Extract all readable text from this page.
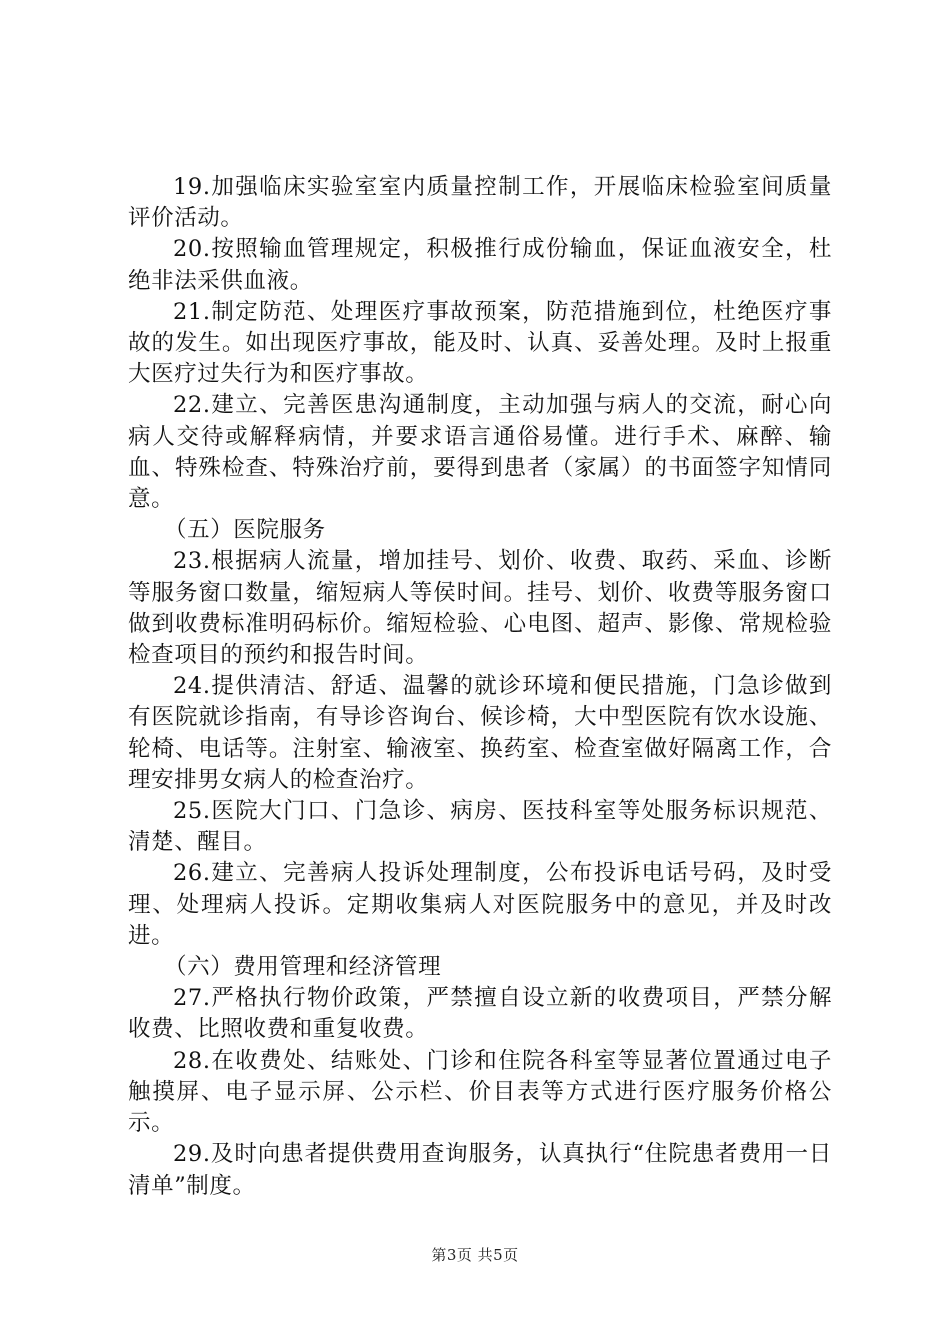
19.加强临床实验室室内质量控制工作，开展临床检验室间质量评价活动。

20.按照输血管理规定，积极推行成份输血，保证血液安全，杜绝非法采供血液。

21.制定防范、处理医疗事故预案，防范措施到位，杜绝医疗事故的发生。如出现医疗事故，能及时、认真、妥善处理。及时上报重大医疗过失行为和医疗事故。

22.建立、完善医患沟通制度，主动加强与病人的交流，耐心向病人交待或解释病情，并要求语言通俗易懂。进行手术、麻醉、输血、特殊检查、特殊治疗前，要得到患者（家属）的书面签字知情同意。

（五）医院服务

23.根据病人流量，增加挂号、划价、收费、取药、采血、诊断等服务窗口数量，缩短病人等侯时间。挂号、划价、收费等服务窗口做到收费标准明码标价。缩短检验、心电图、超声、影像、常规检验检查项目的预约和报告时间。

24.提供清洁、舒适、温馨的就诊环境和便民措施，门急诊做到有医院就诊指南，有导诊咨询台、候诊椅，大中型医院有饮水设施、轮椅、电话等。注射室、输液室、换药室、检查室做好隔离工作，合理安排男女病人的检查治疗。

25.医院大门口、门急诊、病房、医技科室等处服务标识规范、清楚、醒目。

26.建立、完善病人投诉处理制度，公布投诉电话号码，及时受理、处理病人投诉。定期收集病人对医院服务中的意见，并及时改进。

（六）费用管理和经济管理

27.严格执行物价政策，严禁擅自设立新的收费项目，严禁分解收费、比照收费和重复收费。

28.在收费处、结账处、门诊和住院各科室等显著位置通过电子触摸屏、电子显示屏、公示栏、价目表等方式进行医疗服务价格公示。

29.及时向患者提供费用查询服务，认真执行“住院患者费用一日清单”制度。

第3页 共5页
